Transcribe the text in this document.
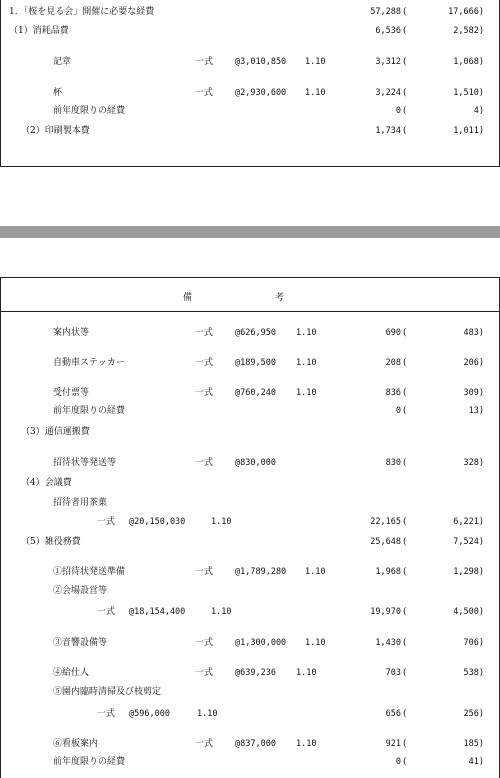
1．「桜を見る会」開催に必要な経費	57,288 (	17,666)
（1）消耗品費	6,536 (	2,582)
記章	一式	@3,010,850 1.10	3,312 (	1,068)
杯	一式	@2,930,600 1.10	3,224 (	1,510)
前年度限りの経費	0 (	4)
（2）印刷製本費	1,734 (	1,011)
備	考
案内状等	一式	@626,950 1.10	690 (	483)
自動車ステッカー	一式	@189,500 1.10	208 (	206)
受付票等	一式	@760,240 1.10	836 (	309)
前年度限りの経費	0 (	13)
（3）通信運搬費
招待状等発送等	一式	@830,000	830 (	328)
（4）会議費
招待者用茶菓
一式 @20,150,030	1.10	22,165 (	6,221)
（5）雑役務費	25,648 (	7,524)
①招待状発送準備	一式	@1,789,280 1.10	1,968 (	1,298)
②会場設営等
一式 @18,154,400	1.10	19,970 (	4,500)
③音響設備等	一式	@1,300,000 1.10	1,430 (	706)
④給仕人	一式	@639,236 1.10	703 (	538)
⑤園内臨時清掃及び枝剪定
一式 @596,000	1.10	656 (	256)
⑥看板案内	一式	@837,000 1.10	921 (	185)
前年度限りの経費	0 (	41)
